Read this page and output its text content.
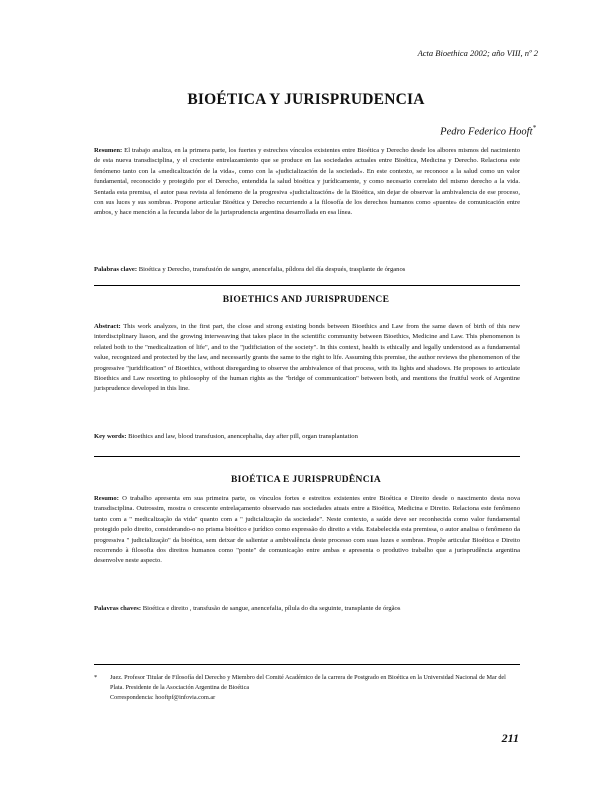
Acta Bioethica 2002; año VIII, nº 2
BIOÉTICA Y JURISPRUDENCIA
Pedro Federico Hooft*
Resumen: El trabajo analiza, en la primera parte, los fuertes y estrechos vínculos existentes entre Bioética y Derecho desde los albores mismos del nacimiento de esta nueva transdisciplina, y el creciente entrelazamiento que se produce en las sociedades actuales entre Bioética, Medicina y Derecho. Relaciona este fenómeno tanto con la «medicalización de la vida», como con la «judicialización de la sociedad». En este contexto, se reconoce a la salud como un valor fundamental, reconocido y protegido por el Derecho, entendida la salud bioética y jurídicamente, y como necesario correlato del mismo derecho a la vida. Sentada esta premisa, el autor pasa revista al fenómeno de la progresiva «judicialización» de la Bioética, sin dejar de observar la ambivalencia de ese proceso, con sus luces y sus sombras. Propone articular Bioética y Derecho recurriendo a la filosofía de los derechos humanos como «puente» de comunicación entre ambos, y hace mención a la fecunda labor de la jurisprudencia argentina desarrollada en esa línea.
Palabras clave: Bioética y Derecho, transfusión de sangre, anencefalia, píldora del día después, trasplante de órganos
BIOETHICS AND JURISPRUDENCE
Abstract: This work analyzes, in the first part, the close and strong existing bonds between Bioethics and Law from the same dawn of birth of this new interdisciplinary liason, and the growing interweaving that takes place in the scientific community between Bioethics, Medicine and Law. This phenomenon is related both to the "medicalization of life", and to the "judificiation of the society". In this context, health is ethically and legally understood as a fundamental value, recognized and protected by the law, and necessarily grants the same to the right to life. Assuming this premise, the author reviews the phenomenon of the progressive "juridification" of Bioethics, without disregarding to observe the ambivalence of that process, with its lights and shadows. He proposes to articulate Bioethics and Law resorting to philosophy of the human rights as the "bridge of communication" between both, and mentions the fruitful work of Argentine jurisprudence developed in this line.
Key words: Bioethics and law, blood transfusion, anencephalia, day after pill, organ transplantation
BIOÉTICA E JURISPRUDÊNCIA
Resumo: O trabalho apresenta em sua primeira parte, os vínculos fortes e estreitos existentes entre Bioética e Direito desde o nascimento desta nova transdisciplina. Outrossim, mostra o crescente entrelaçamento observado nas sociedades atuais entre a Bioética, Medicina e Direito. Relaciona este fenômeno tanto com a " medicalização da vida" quanto com a " judicialização da sociedade". Neste contexto, a saúde deve ser reconhecida como valor fundamental protegido pelo direito, considerando-o no prisma bioético e jurídico como expressão do direito a vida. Estabelecida esta premissa, o autor analisa o fenômeno da progressiva " judicialização" da bioética, sem deixar de salientar a ambivalência deste processo com suas luzes e sombras. Propõe articular Bioética e Direito recorrendo à filosofia dos direitos humanos como "ponte" de comunicação entre ambas e apresenta o produtivo trabalho que a jurisprudência argentina desenvolve neste aspecto.
Palavras chaves: Bioética e direito , transfusão de sangue, anencefalia, pílula do dia seguinte, transplante de órgãos
* Juez. Profesor Titular de Filosofía del Derecho y Miembro del Comité Académico de la carrera de Postgrado en Bioética en la Universidad Nacional de Mar del Plata. Presidente de la Asociación Argentina de Bioética
Correspondencia: hooftpf@infovia.com.ar
211
